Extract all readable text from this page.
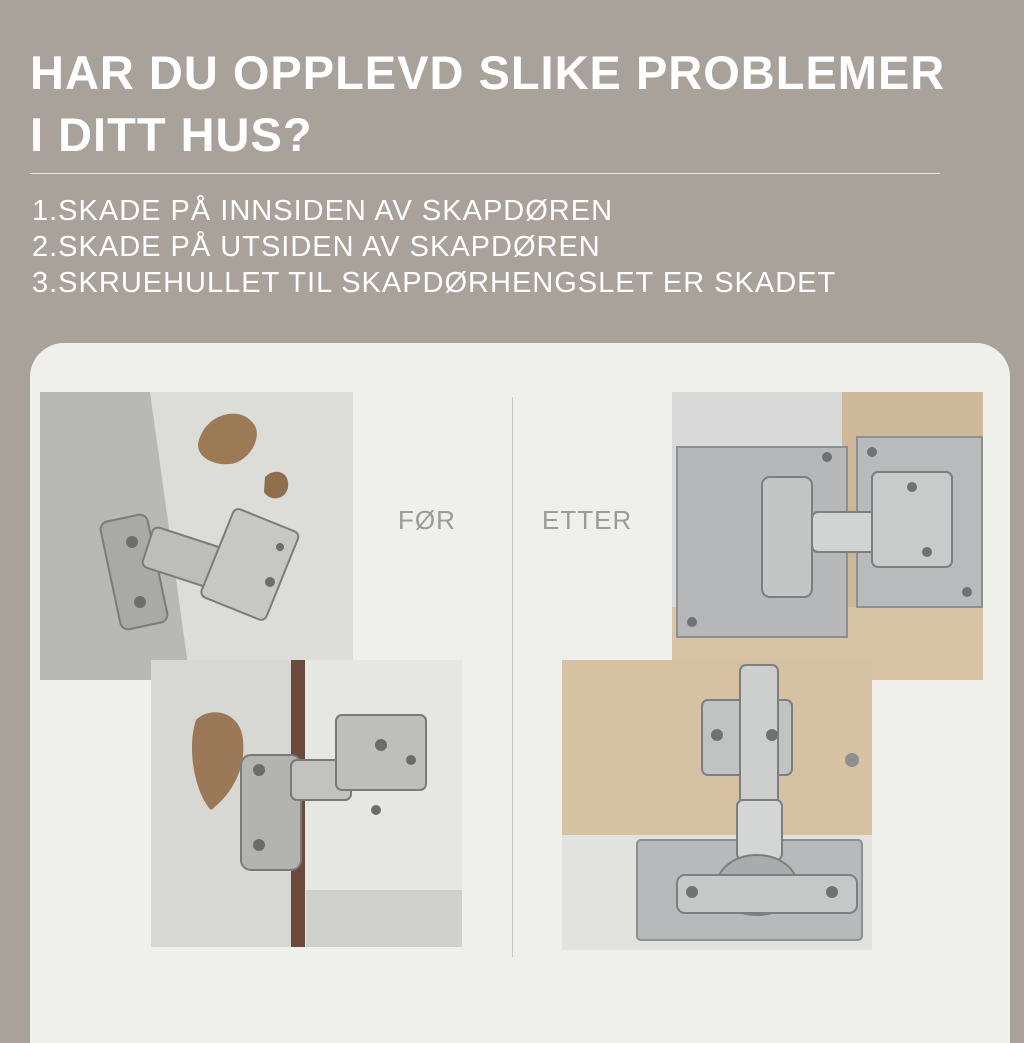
HAR DU OPPLEVD SLIKE PROBLEMER
I DITT HUS?
1.SKADE PÅ INNSIDEN AV SKAPDØREN
2.SKADE PÅ UTSIDEN AV SKAPDØREN
3.SKRUEHULLET TIL SKAPDØRHENGSLET ER SKADET
FØR	ETTER
